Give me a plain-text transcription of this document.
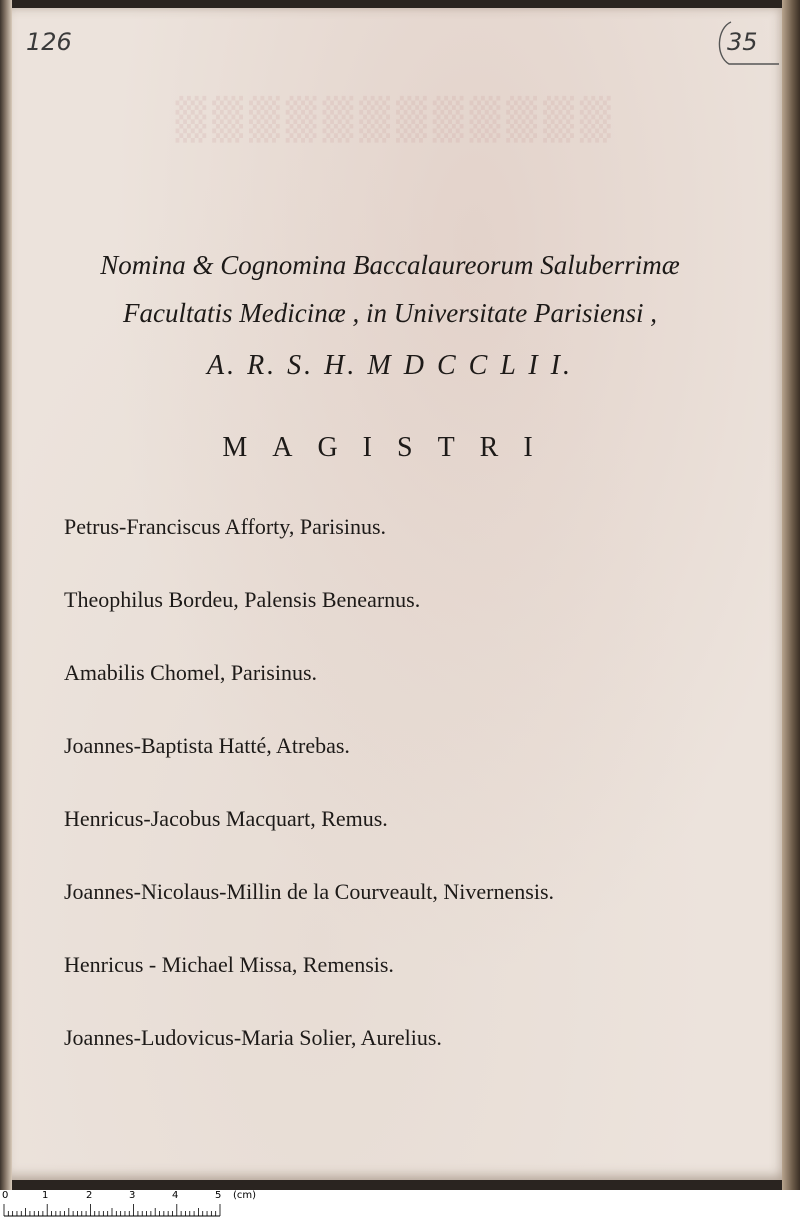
▒▒▒▒▒▒▒▒▒▒▒▒
126	35
Nomina & Cognomina Baccalaureorum Saluberrimæ
Facultatis Medicinæ , in Universitate Parisiensi ,
A. R. S. H. M D C C L I I.
MAGISTRI
Petrus-Franciscus Afforty, Parisinus.
Theophilus Bordeu, Palensis Benearnus.
Amabilis Chomel, Parisinus.
Joannes-Baptista Hatté, Atrebas.
Henricus-Jacobus Macquart, Remus.
Joannes-Nicolaus-Millin de la Courveault, Nivernensis.
Henricus - Michael Missa, Remensis.
Joannes-Ludovicus-Maria Solier, Aurelius.
0	1	2	3	4	5 (cm)
